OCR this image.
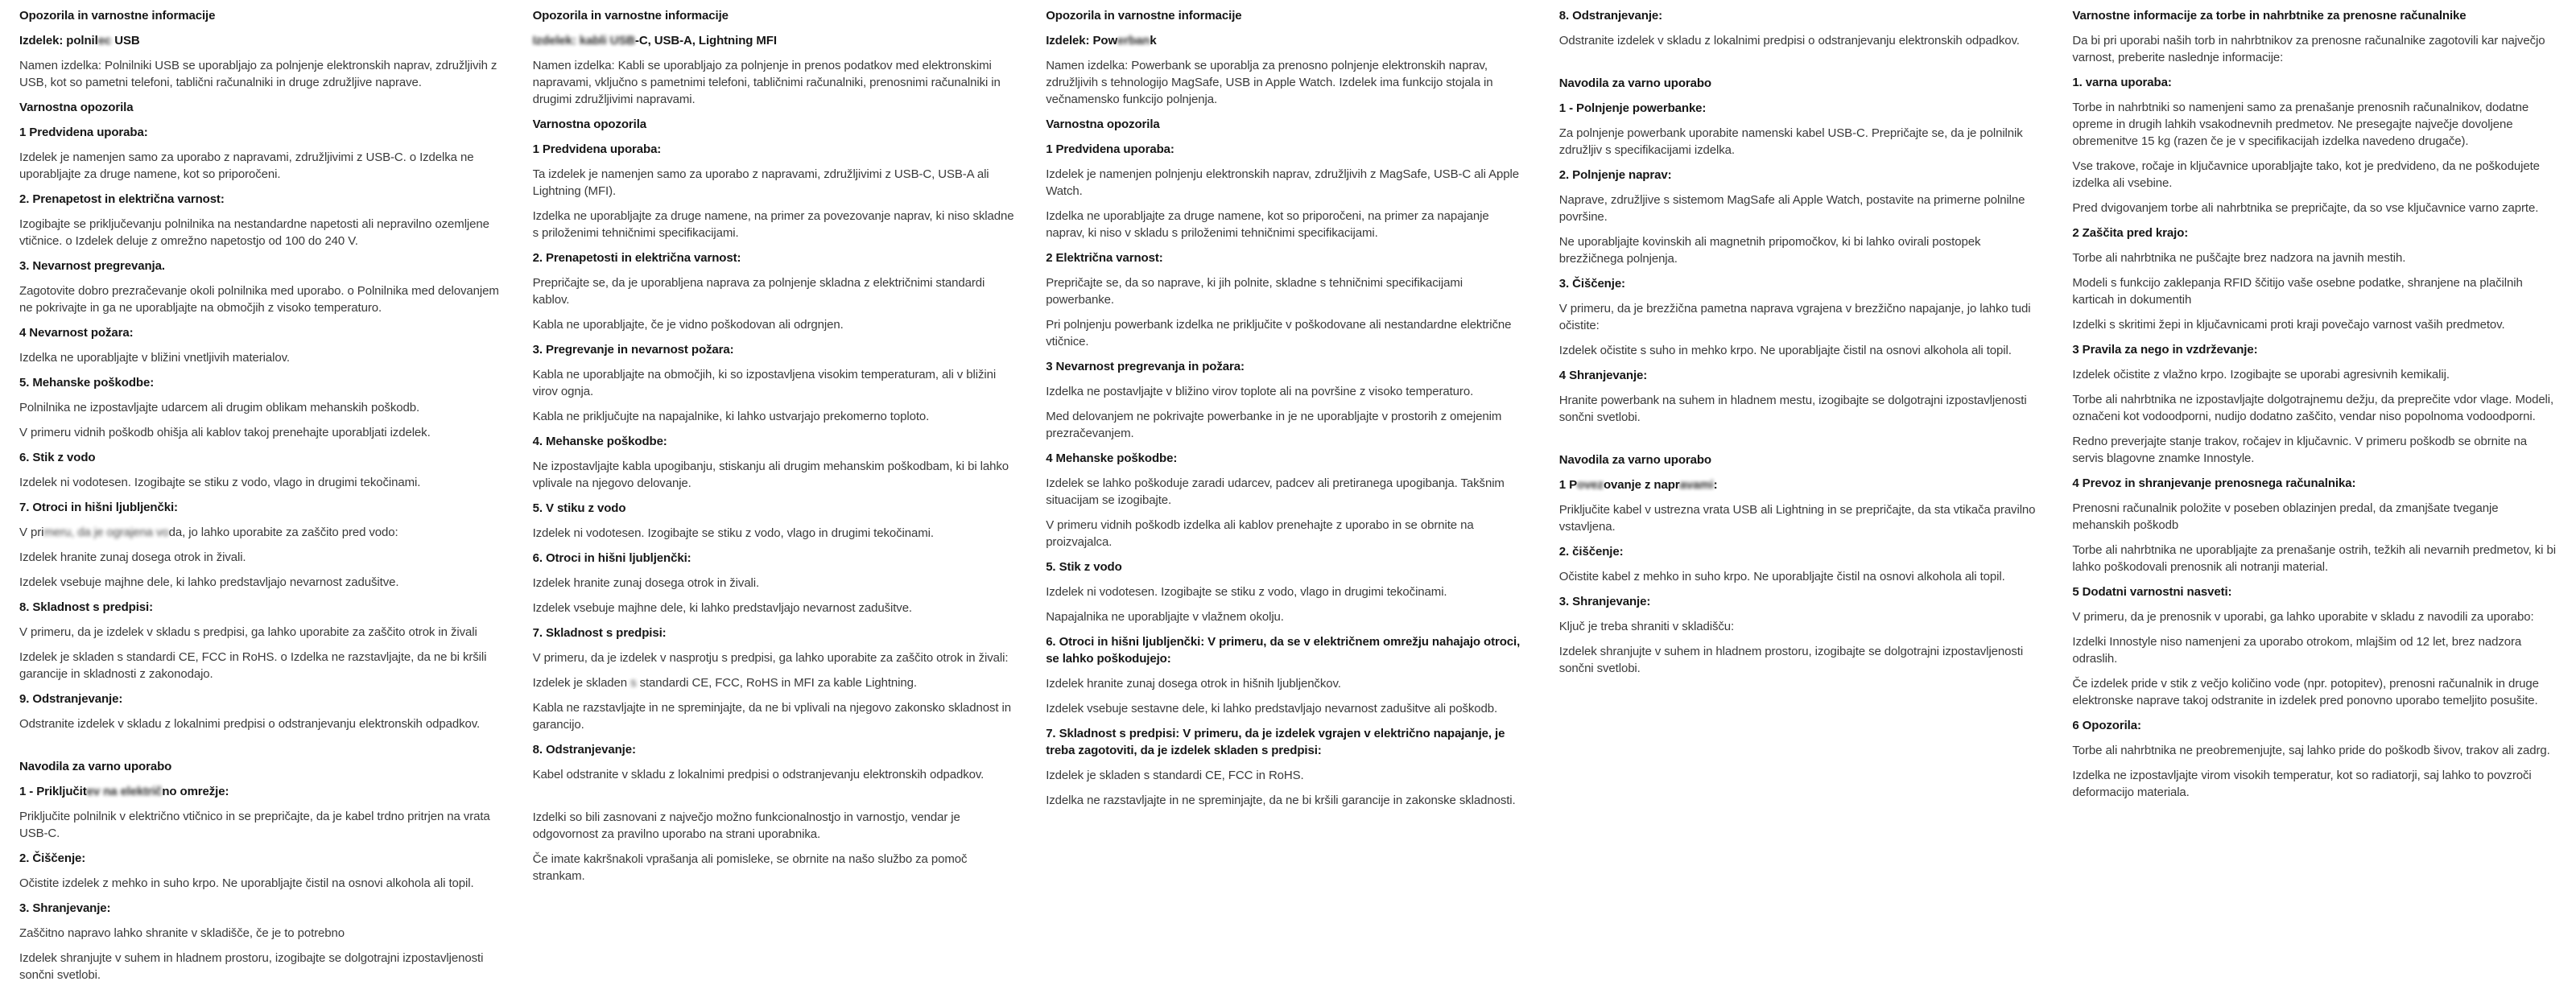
Opozorila in varnostne informacije

Izdelek: polnilec USB

Namen izdelka: Polnilniki USB se uporabljajo za polnjenje elektronskih naprav, združljivih z USB, kot so pametni telefoni, tablični računalniki in druge združljive naprave.

Varnostna opozorila

1 Predvidena uporaba:

Izdelek je namenjen samo za uporabo z napravami, združljivimi z USB-C. o Izdelka ne uporabljajte za druge namene, kot so priporočeni.

2. Prenapetost in električna varnost:

Izogibajte se priključevanju polnilnika na nestandardne napetosti ali nepravilno ozemljene vtičnice. o Izdelek deluje z omrežno napetostjo od 100 do 240 V.

3. Nevarnost pregrevanja.

Zagotovite dobro prezračevanje okoli polnilnika med uporabo. o Polnilnika med delovanjem ne pokrivajte in ga ne uporabljajte na območjih z visoko temperaturo.

4 Nevarnost požara:

Izdelka ne uporabljajte v bližini vnetljivih materialov.

5. Mehanske poškodbe:

Polnilnika ne izpostavljajte udarcem ali drugim oblikam mehanskih poškodb.

V primeru vidnih poškodb ohišja ali kablov takoj prenehajte uporabljati izdelek.

6. Stik z vodo

Izdelek ni vodotesen. Izogibajte se stiku z vodo, vlago in drugimi tekočinami.

7. Otroci in hišni ljubljenčki:

V primeru, da je ograjena voda, jo lahko uporabite za zaščito pred vodo:

Izdelek hranite zunaj dosega otrok in živali.

Izdelek vsebuje majhne dele, ki lahko predstavljajo nevarnost zadušitve.

8. Skladnost s predpisi:

V primeru, da je izdelek v skladu s predpisi, ga lahko uporabite za zaščito otrok in živali

Izdelek je skladen s standardi CE, FCC in RoHS. o Izdelka ne razstavljajte, da ne bi kršili garancije in skladnosti z zakonodajo.

9. Odstranjevanje:

Odstranite izdelek v skladu z lokalnimi predpisi o odstranjevanju elektronskih odpadkov.

Navodila za varno uporabo

1 - Priključitev na električno omrežje:

Priključite polnilnik v električno vtičnico in se prepričajte, da je kabel trdno pritrjen na vrata USB-C.

2. Čiščenje:

Očistite izdelek z mehko in suho krpo. Ne uporabljajte čistil na osnovi alkohola ali topil.

3. Shranjevanje:

Zaščitno napravo lahko shranite v skladišče, če je to potrebno

Izdelek shranjujte v suhem in hladnem prostoru, izogibajte se dolgotrajni izpostavljenosti sončni svetlobi.

Opozorila in varnostne informacije

Izdelek: kabli USB-C, USB-A, Lightning MFI

Namen izdelka: Kabli se uporabljajo za polnjenje in prenos podatkov med elektronskimi napravami, vključno s pametnimi telefoni, tabličnimi računalniki, prenosnimi računalniki in drugimi združljivimi napravami.

Varnostna opozorila

1 Predvidena uporaba:

Ta izdelek je namenjen samo za uporabo z napravami, združljivimi z USB-C, USB-A ali Lightning (MFI).

Izdelka ne uporabljajte za druge namene, na primer za povezovanje naprav, ki niso skladne s priloženimi tehničnimi specifikacijami.

2. Prenapetosti in električna varnost:

Prepričajte se, da je uporabljena naprava za polnjenje skladna z električnimi standardi kablov.

Kabla ne uporabljajte, če je vidno poškodovan ali odrgnjen.

3. Pregrevanje in nevarnost požara:

Kabla ne uporabljajte na območjih, ki so izpostavljena visokim temperaturam, ali v bližini virov ognja.

Kabla ne priključujte na napajalnike, ki lahko ustvarjajo prekomerno toploto.

4. Mehanske poškodbe:

Ne izpostavljajte kabla upogibanju, stiskanju ali drugim mehanskim poškodbam, ki bi lahko vplivale na njegovo delovanje.

5. V stiku z vodo

Izdelek ni vodotesen. Izogibajte se stiku z vodo, vlago in drugimi tekočinami.

6. Otroci in hišni ljubljenčki:

Izdelek hranite zunaj dosega otrok in živali.

Izdelek vsebuje majhne dele, ki lahko predstavljajo nevarnost zadušitve.

7. Skladnost s predpisi:

V primeru, da je izdelek v nasprotju s predpisi, ga lahko uporabite za zaščito otrok in živali:

Izdelek je skladen s standardi CE, FCC, RoHS in MFI za kable Lightning.

Kabla ne razstavljajte in ne spreminjajte, da ne bi vplivali na njegovo zakonsko skladnost in garancijo.

8. Odstranjevanje:

Kabel odstranite v skladu z lokalnimi predpisi o odstranjevanju elektronskih odpadkov.

Izdelki so bili zasnovani z največjo možno funkcionalnostjo in varnostjo, vendar je odgovornost za pravilno uporabo na strani uporabnika.

Če imate kakršnakoli vprašanja ali pomisleke, se obrnite na našo službo za pomoč strankam.

Opozorila in varnostne informacije

Izdelek: Powerbank

Namen izdelka: Powerbank se uporablja za prenosno polnjenje elektronskih naprav, združljivih s tehnologijo MagSafe, USB in Apple Watch. Izdelek ima funkcijo stojala in večnamensko funkcijo polnjenja.

Varnostna opozorila

1 Predvidena uporaba:

Izdelek je namenjen polnjenju elektronskih naprav, združljivih z MagSafe, USB-C ali Apple Watch.

Izdelka ne uporabljajte za druge namene, kot so priporočeni, na primer za napajanje naprav, ki niso v skladu s priloženimi tehničnimi specifikacijami.

2 Električna varnost:

Prepričajte se, da so naprave, ki jih polnite, skladne s tehničnimi specifikacijami powerbanke.

Pri polnjenju powerbank izdelka ne priključite v poškodovane ali nestandardne električne vtičnice.

3 Nevarnost pregrevanja in požara:

Izdelka ne postavljajte v bližino virov toplote ali na površine z visoko temperaturo.

Med delovanjem ne pokrivajte powerbanke in je ne uporabljajte v prostorih z omejenim prezračevanjem.

4 Mehanske poškodbe:

Izdelek se lahko poškoduje zaradi udarcev, padcev ali pretiranega upogibanja. Takšnim situacijam se izogibajte.

V primeru vidnih poškodb izdelka ali kablov prenehajte z uporabo in se obrnite na proizvajalca.

5. Stik z vodo

Izdelek ni vodotesen. Izogibajte se stiku z vodo, vlago in drugimi tekočinami.

Napajalnika ne uporabljajte v vlažnem okolju.

6. Otroci in hišni ljubljenčki: V primeru, da se v električnem omrežju nahajajo otroci, se lahko poškodujejo:

Izdelek hranite zunaj dosega otrok in hišnih ljubljenčkov.

Izdelek vsebuje sestavne dele, ki lahko predstavljajo nevarnost zadušitve ali poškodb.

7. Skladnost s predpisi: V primeru, da je izdelek vgrajen v električno napajanje, je treba zagotoviti, da je izdelek skladen s predpisi:

Izdelek je skladen s standardi CE, FCC in RoHS.

Izdelka ne razstavljajte in ne spreminjajte, da ne bi kršili garancije in zakonske skladnosti.

8. Odstranjevanje:

Odstranite izdelek v skladu z lokalnimi predpisi o odstranjevanju elektronskih odpadkov.

Navodila za varno uporabo

1 - Polnjenje powerbanke:

Za polnjenje powerbank uporabite namenski kabel USB-C. Prepričajte se, da je polnilnik združljiv s specifikacijami izdelka.

2. Polnjenje naprav:

Naprave, združljive s sistemom MagSafe ali Apple Watch, postavite na primerne polnilne površine.

Ne uporabljajte kovinskih ali magnetnih pripomočkov, ki bi lahko ovirali postopek brezžičnega polnjenja.

3. Čiščenje:

V primeru, da je brezžična pametna naprava vgrajena v brezžično napajanje, jo lahko tudi očistite:

Izdelek očistite s suho in mehko krpo. Ne uporabljajte čistil na osnovi alkohola ali topil.

4 Shranjevanje:

Hranite powerbank na suhem in hladnem mestu, izogibajte se dolgotrajni izpostavljenosti sončni svetlobi.

Navodila za varno uporabo

1 Povezovanje z napravami:

Priključite kabel v ustrezna vrata USB ali Lightning in se prepričajte, da sta vtikača pravilno vstavljena.

2. čiščenje:

Očistite kabel z mehko in suho krpo. Ne uporabljajte čistil na osnovi alkohola ali topil.

3. Shranjevanje:

Ključ je treba shraniti v skladišču:

Izdelek shranjujte v suhem in hladnem prostoru, izogibajte se dolgotrajni izpostavljenosti sončni svetlobi.

Varnostne informacije za torbe in nahrbtnike za prenosne računalnike

Da bi pri uporabi naših torb in nahrbtnikov za prenosne računalnike zagotovili kar največjo varnost, preberite naslednje informacije:

1. varna uporaba:

Torbe in nahrbtniki so namenjeni samo za prenašanje prenosnih računalnikov, dodatne opreme in drugih lahkih vsakodnevnih predmetov. Ne presegajte največje dovoljene obremenitve 15 kg (razen če je v specifikacijah izdelka navedeno drugače).

Vse trakove, ročaje in ključavnice uporabljajte tako, kot je predvideno, da ne poškodujete izdelka ali vsebine.

Pred dvigovanjem torbe ali nahrbtnika se prepričajte, da so vse ključavnice varno zaprte.

2 Zaščita pred krajo:

Torbe ali nahrbtnika ne puščajte brez nadzora na javnih mestih.

Modeli s funkcijo zaklepanja RFID ščitijo vaše osebne podatke, shranjene na plačilnih karticah in dokumentih

Izdelki s skritimi žepi in ključavnicami proti kraji povečajo varnost vaših predmetov.

3 Pravila za nego in vzdrževanje:

Izdelek očistite z vlažno krpo. Izogibajte se uporabi agresivnih kemikalij.

Torbe ali nahrbtnika ne izpostavljajte dolgotrajnemu dežju, da preprečite vdor vlage. Modeli, označeni kot vodoodporni, nudijo dodatno zaščito, vendar niso popolnoma vodoodporni.

Redno preverjajte stanje trakov, ročajev in ključavnic. V primeru poškodb se obrnite na servis blagovne znamke Innostyle.

4 Prevoz in shranjevanje prenosnega računalnika:

Prenosni računalnik položite v poseben oblazinjen predal, da zmanjšate tveganje mehanskih poškodb

Torbe ali nahrbtnika ne uporabljajte za prenašanje ostrih, težkih ali nevarnih predmetov, ki bi lahko poškodovali prenosnik ali notranji material.

5 Dodatni varnostni nasveti:

V primeru, da je prenosnik v uporabi, ga lahko uporabite v skladu z navodili za uporabo:

Izdelki Innostyle niso namenjeni za uporabo otrokom, mlajšim od 12 let, brez nadzora odraslih.

Če izdelek pride v stik z večjo količino vode (npr. potopitev), prenosni računalnik in druge elektronske naprave takoj odstranite in izdelek pred ponovno uporabo temeljito posušite.

6 Opozorila:

Torbe ali nahrbtnika ne preobremenjujte, saj lahko pride do poškodb šivov, trakov ali zadrg.

Izdelka ne izpostavljajte virom visokih temperatur, kot so radiatorji, saj lahko to povzroči deformacijo materiala.
